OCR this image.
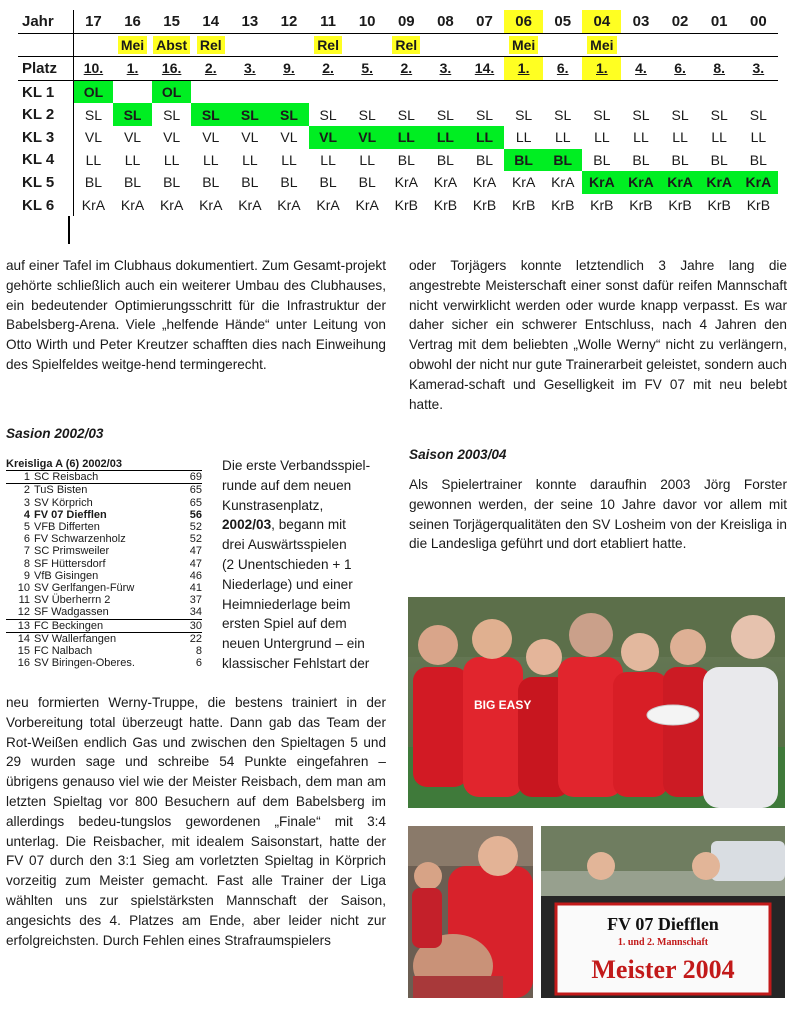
Jahr	17	16	15	14	13	12	11	10	09	08	07	06	05	04	03	02	01	00
		Mei	Abst	Rel			Rel		Rel			Mei		Mei				
Platz	10.	1.	16.	2.	3.	9.	2.	5.	2.	3.	14.	1.	6.	1.	4.	6.	8.	3.
KL 1	OL		OL															
KL 2	SL	SL	SL	SL	SL	SL	SL	SL	SL	SL	SL	SL	SL	SL	SL	SL	SL	SL
KL 3	VL	VL	VL	VL	VL	VL	VL	VL	LL	LL	LL	LL	LL	LL	LL	LL	LL	LL
KL 4	LL	LL	LL	LL	LL	LL	LL	LL	BL	BL	BL	BL	BL	BL	BL	BL	BL	BL
KL 5	BL	BL	BL	BL	BL	BL	BL	BL	KrA	KrA	KrA	KrA	KrA	KrA	KrA	KrA	KrA	KrA
KL 6	KrA	KrA	KrA	KrA	KrA	KrA	KrA	KrA	KrB	KrB	KrB	KrB	KrB	KrB	KrB	KrB	KrB	KrB

auf einer Tafel im Clubhaus dokumentiert. Zum Gesamt-projekt gehörte schließlich auch ein weiterer Umbau des Clubhauses, ein bedeutender Optimierungsschritt für die Infrastruktur der Babelsberg-Arena. Viele „helfende Hände“ unter Leitung von Otto Wirth und Peter Kreutzer schafften dies nach Einweihung des Spielfeldes weitge-hend termingerecht.

Sasion 2002/03

Kreisliga A (6) 2002/03
1 SC Reisbach	69
2 TuS Bisten	65
3 SV Körprich	65
4 FV 07 Diefflen	56
5 VFB Differten	52
6 FV Schwarzenholz	52
7 SC Primsweiler	47
8 SF Hüttersdorf	47
9 VfB Gisingen	46
10 SV Gerlfangen-Fürw	41
11 SV Überherrn 2	37
12 SF Wadgassen	34
13 FC Beckingen	30
14 SV Wallerfangen	22
15 FC Nalbach	8
16 SV Biringen-Oberes.	6
Die erste Verbandsspiel-
runde auf dem neuen
Kunstrasenplatz,
2002/03, begann mit
drei Auswärtsspielen
(2 Unentschieden + 1
Niederlage) und einer
Heimniederlage beim
ersten Spiel auf dem
neuen Untergrund – ein
klassischer Fehlstart der

neu formierten Werny-Truppe, die bestens trainiert in der Vorbereitung total überzeugt hatte. Dann gab das Team der Rot-Weißen endlich Gas und zwischen den Spieltagen 5 und 29 wurden sage und schreibe 54 Punkte eingefahren – übrigens genauso viel wie der Meister Reisbach, dem man am letzten Spieltag vor 800 Besuchern auf dem Babelsberg im allerdings bedeu-tungslos gewordenen „Finale“ mit 3:4 unterlag. Die Reisbacher, mit idealem Saisonstart, hatte der FV 07 durch den 3:1 Sieg am vorletzten Spieltag in Körprich vorzeitig zum Meister gemacht. Fast alle Trainer der Liga wählten uns zur spielstärksten Mannschaft der Saison, angesichts des 4. Platzes am Ende, aber leider nicht zur erfolgreichsten. Durch Fehlen eines Strafraumspielers

oder Torjägers konnte letztendlich 3 Jahre lang die angestrebte Meisterschaft einer sonst dafür reifen Mannschaft nicht verwirklicht werden oder wurde knapp verpasst. Es war daher sicher ein schwerer Entschluss, nach 4 Jahren den Vertrag mit dem beliebten „Wolle Werny“ nicht zu verlängern, obwohl der nicht nur gute Trainerarbeit geleistet, sondern auch Kamerad-schaft und Geselligkeit im FV 07 mit neu belebt hatte.

Saison 2003/04

Als Spielertrainer konnte daraufhin 2003 Jörg Forster gewonnen werden, der seine 10 Jahre davor vor allem mit seinen Torjägerqualitäten den SV Losheim von der Kreisliga in die Landesliga geführt und dort etabliert hatte.

BIG EASY
FV 07 Diefflen
1. und 2. Mannschaft
Meister 2004
